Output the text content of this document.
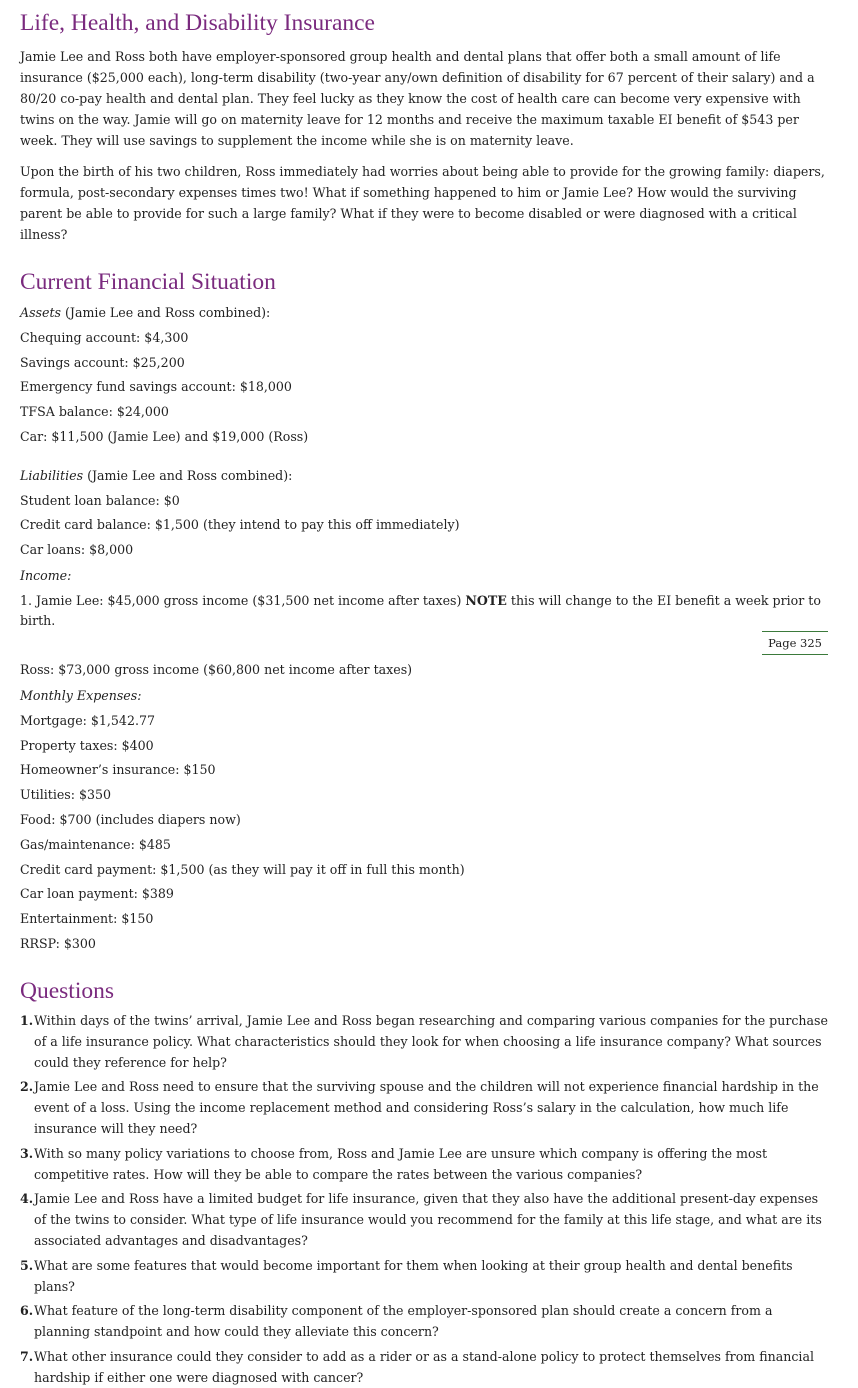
Life, Health, and Disability Insurance

Jamie Lee and Ross both have employer-sponsored group health and dental plans that offer both a small amount of life insurance ($25,000 each), long-term disability (two-year any/own definition of disability for 67 percent of their salary) and a 80/20 co-pay health and dental plan. They feel lucky as they know the cost of health care can become very expensive with twins on the way. Jamie will go on maternity leave for 12 months and receive the maximum taxable EI benefit of $543 per week. They will use savings to supplement the income while she is on maternity leave.

Upon the birth of his two children, Ross immediately had worries about being able to provide for the growing family: diapers, formula, post-secondary expenses times two! What if something happened to him or Jamie Lee? How would the surviving parent be able to provide for such a large family? What if they were to become disabled or were diagnosed with a critical illness?

Current Financial Situation
Assets (Jamie Lee and Ross combined):
Chequing account: $4,300
Savings account: $25,200
Emergency fund savings account: $18,000
TFSA balance: $24,000
Car: $11,500 (Jamie Lee) and $19,000 (Ross)
Liabilities (Jamie Lee and Ross combined):
Student loan balance: $0
Credit card balance: $1,500 (they intend to pay this off immediately)
Car loans: $8,000
Income:
1. Jamie Lee: $45,000 gross income ($31,500 net income after taxes) NOTE this will change to the EI benefit a week prior to birth.
Page 325
Ross: $73,000 gross income ($60,800 net income after taxes)
Monthly Expenses:
Mortgage: $1,542.77
Property taxes: $400
Homeowner’s insurance: $150
Utilities: $350
Food: $700 (includes diapers now)
Gas/maintenance: $485
Credit card payment: $1,500 (as they will pay it off in full this month)
Car loan payment: $389
Entertainment: $150
RRSP: $300
Questions
1. Within days of the twins’ arrival, Jamie Lee and Ross began researching and comparing various companies for the purchase of a life insurance policy. What characteristics should they look for when choosing a life insurance company? What sources could they reference for help?
2. Jamie Lee and Ross need to ensure that the surviving spouse and the children will not experience financial hardship in the event of a loss. Using the income replacement method and considering Ross’s salary in the calculation, how much life insurance will they need?
3. With so many policy variations to choose from, Ross and Jamie Lee are unsure which company is offering the most competitive rates. How will they be able to compare the rates between the various companies?
4. Jamie Lee and Ross have a limited budget for life insurance, given that they also have the additional present-day expenses of the twins to consider. What type of life insurance would you recommend for the family at this life stage, and what are its associated advantages and disadvantages?
5. What are some features that would become important for them when looking at their group health and dental benefits plans?
6. What feature of the long-term disability component of the employer-sponsored plan should create a concern from a planning standpoint and how could they alleviate this concern?
7. What other insurance could they consider to add as a rider or as a stand-alone policy to protect themselves from financial hardship if either one were diagnosed with cancer?
